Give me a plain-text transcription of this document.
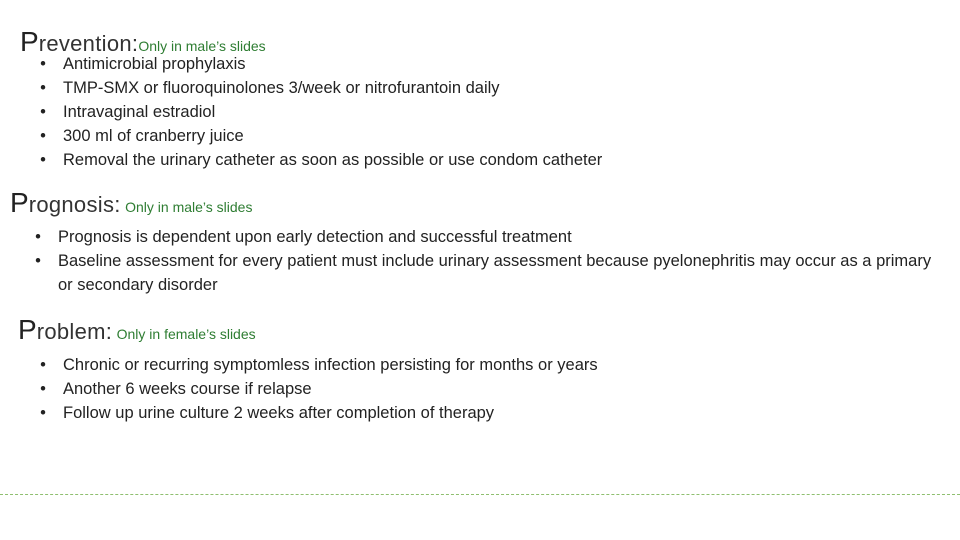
Prevention:Only in male’s slides
•	Antimicrobial prophylaxis
•	TMP-SMX or fluoroquinolones 3/week or nitrofurantoin daily
•	Intravaginal estradiol
•	300 ml of cranberry juice
•	Removal the urinary catheter as soon as possible or use condom catheter
Prognosis: Only in male’s slides
•	Prognosis is dependent upon early detection and successful treatment
•	Baseline assessment for every patient must include urinary assessment because pyelonephritis may occur as a primary or secondary disorder
Problem: Only in female’s slides
•	Chronic or recurring symptomless infection persisting for months or years
•	Another 6 weeks course if relapse
•	Follow up urine culture 2 weeks after completion of therapy
